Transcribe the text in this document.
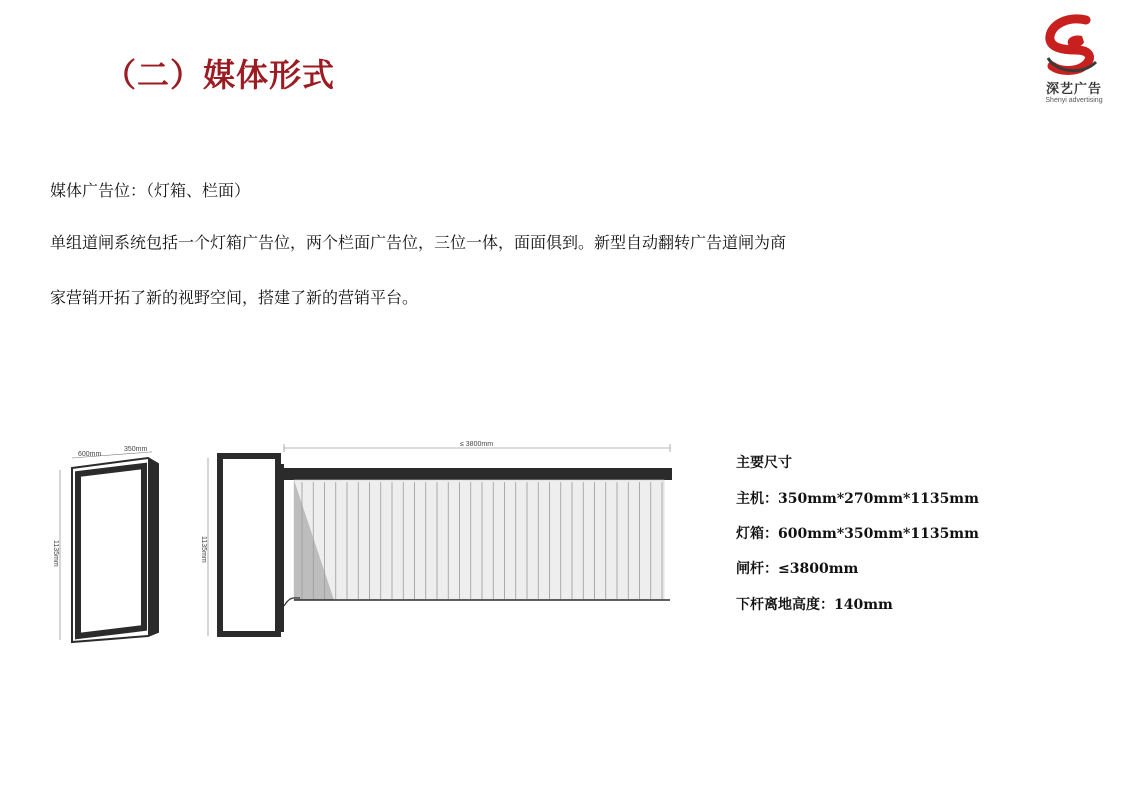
（二）媒体形式	深艺广告
Shenyi advertising

媒体广告位：（灯箱、栏面）

单组道闸系统包括一个灯箱广告位，两个栏面广告位，三位一体，面面俱到。新型自动翻转广告道闸为商

家营销开拓了新的视野空间，搭建了新的营销平台。

600mm
350mm
1135mm	1135mm
≤ 3800mm
主要尺寸
主机：350mm*270mm*1135mm
灯箱：600mm*350mm*1135mm
闸杆：≤3800mm
下杆离地高度：140mm
